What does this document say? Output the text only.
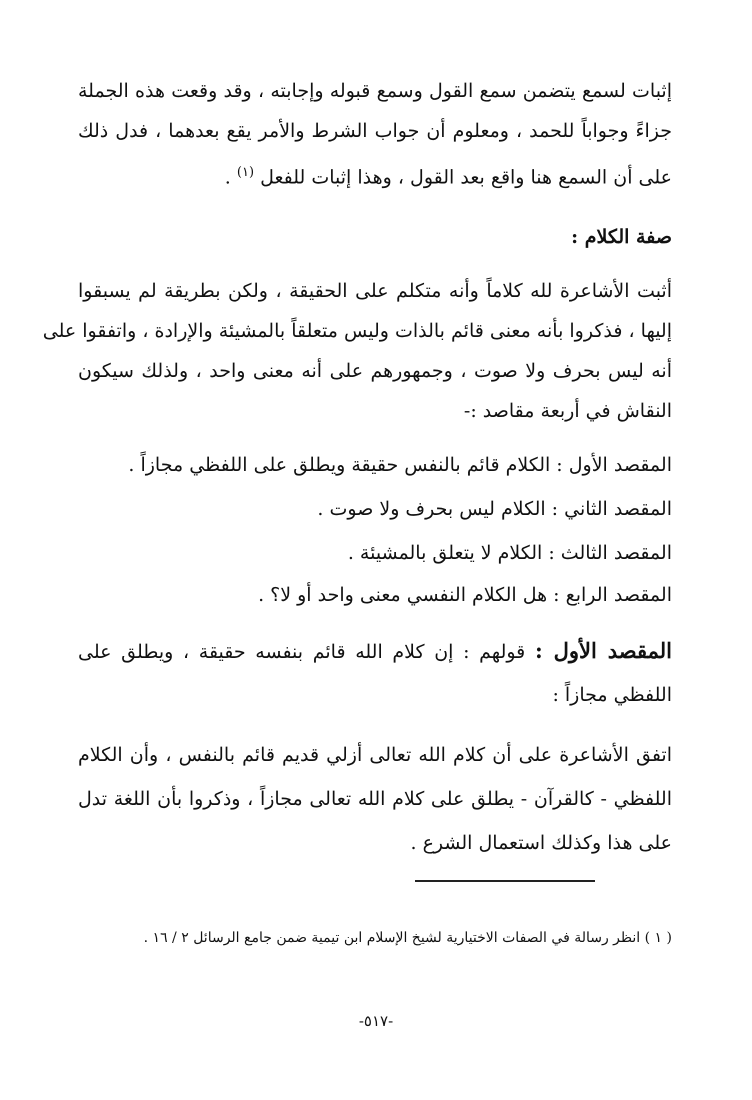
إثبات لسمع يتضمن سمع القول وسمع قبوله وإجابته ، وقد وقعت هذه الجملة
جزاءً وجواباً للحمد ، ومعلوم أن جواب الشرط والأمر يقع بعدهما ، فدل ذلك
على أن السمع هنا واقع بعد القول ، وهذا إثبات للفعل $^{(١)}$ .
صفة الكلام :
أثبت الأشاعرة لله كلاماً وأنه متكلم على الحقيقة ، ولكن بطريقة لم يسبقوا
إليها ، فذكروا بأنه معنى قائم بالذات وليس متعلقاً بالمشيئة والإرادة ، واتفقوا على
أنه ليس بحرف ولا صوت ، وجمهورهم على أنه معنى واحد ، ولذلك سيكون
النقاش في أربعة مقاصد :-
المقصد الأول : الكلام قائم بالنفس حقيقة ويطلق على اللفظي مجازاً .
المقصد الثاني : الكلام ليس بحرف ولا صوت .
المقصد الثالث : الكلام لا يتعلق بالمشيئة .
المقصد الرابع : هل الكلام النفسي معنى واحد أو لا؟ .
المقصد الأول : قولهم : إن كلام الله قائم بنفسه حقيقة ، ويطلق على
اللفظي مجازاً :
اتفق الأشاعرة على أن كلام الله تعالى أزلي قديم قائم بالنفس ، وأن الكلام
اللفظي - كالقرآن - يطلق على كلام الله تعالى مجازاً ، وذكروا بأن اللغة تدل
على هذا وكذلك استعمال الشرع .
( ١ ) انظر رسالة في الصفات الاختيارية لشيخ الإسلام ابن تيمية ضمن جامع الرسائل ٢ / ١٦ .
-٥١٧-
